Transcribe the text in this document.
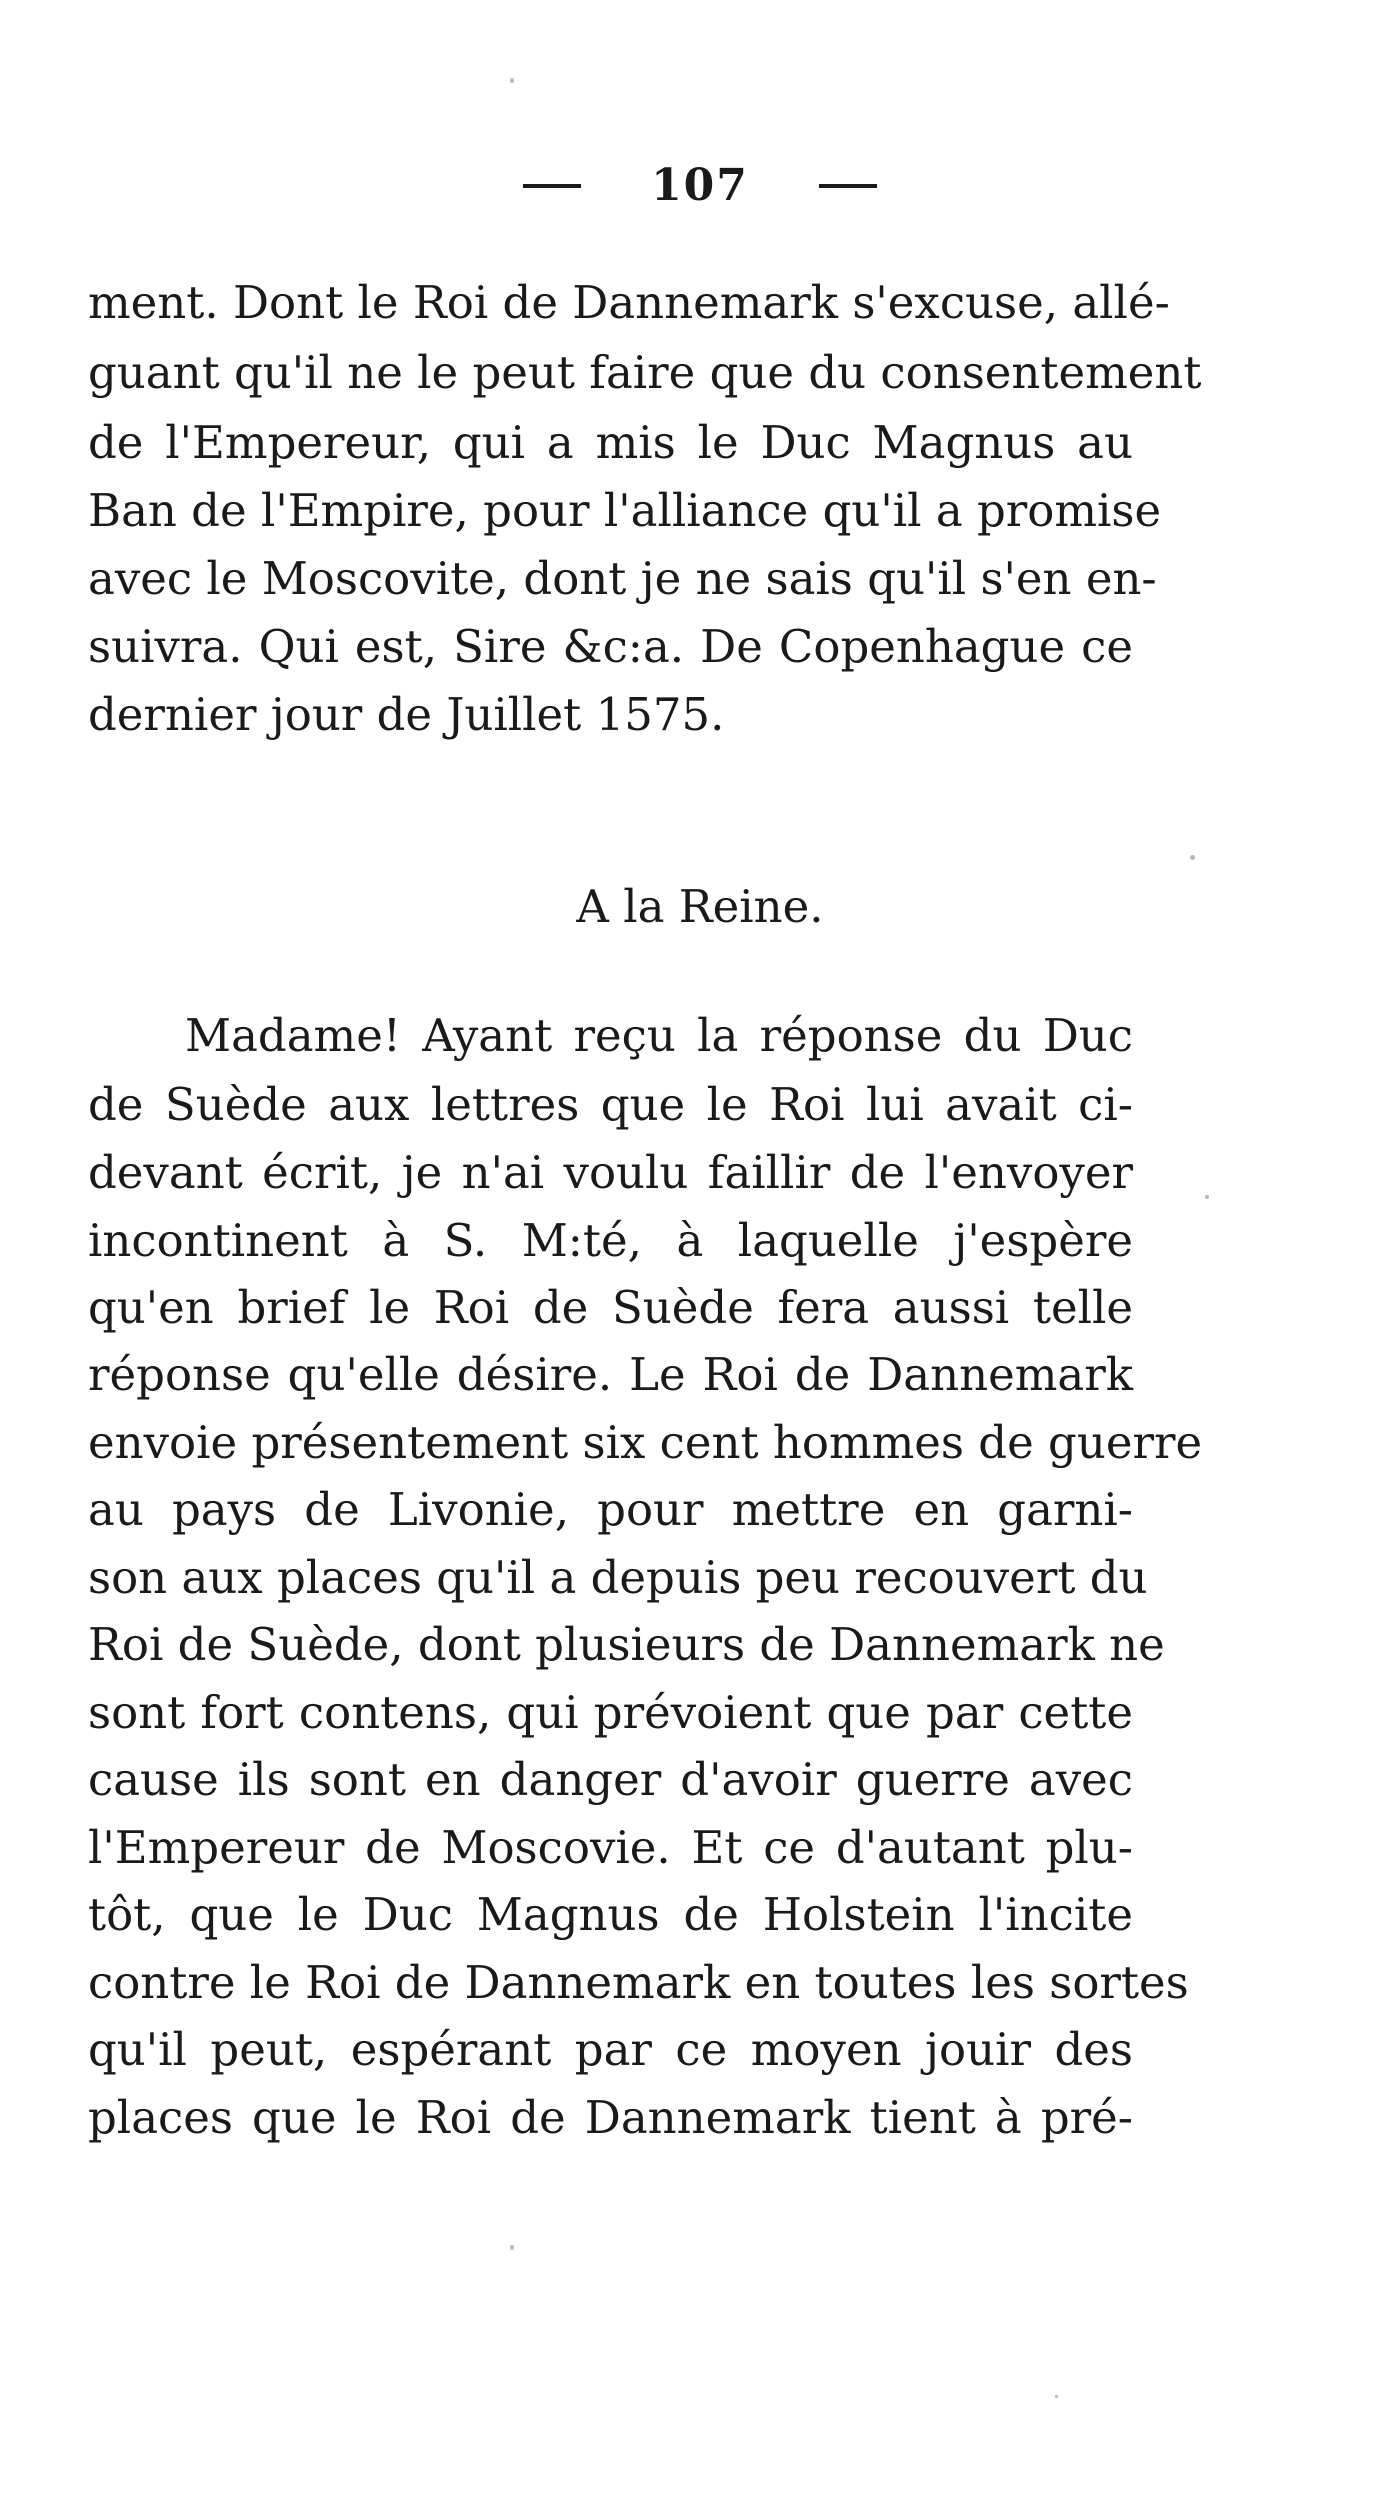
107
ment. Dont le Roi de Dannemark s'excuse, allé-
guant qu'il ne le peut faire que du consentement
de l'Empereur, qui a mis le Duc Magnus au
Ban de l'Empire, pour l'alliance qu'il a promise
avec le Moscovite, dont je ne sais qu'il s'en en-
suivra. Qui est, Sire &c:a. De Copenhague ce
dernier jour de Juillet 1575.
A la Reine.
Madame! Ayant reçu la réponse du Duc
de Suède aux lettres que le Roi lui avait ci-
devant écrit, je n'ai voulu faillir de l'envoyer
incontinent à S. M:té, à laquelle j'espère
qu'en brief le Roi de Suède fera aussi telle
réponse qu'elle désire. Le Roi de Dannemark
envoie présentement six cent hommes de guerre
au pays de Livonie, pour mettre en garni-
son aux places qu'il a depuis peu recouvert du
Roi de Suède, dont plusieurs de Dannemark ne
sont fort contens, qui prévoient que par cette
cause ils sont en danger d'avoir guerre avec
l'Empereur de Moscovie. Et ce d'autant plu-
tôt, que le Duc Magnus de Holstein l'incite
contre le Roi de Dannemark en toutes les sortes
qu'il peut, espérant par ce moyen jouir des
places que le Roi de Dannemark tient à pré-
